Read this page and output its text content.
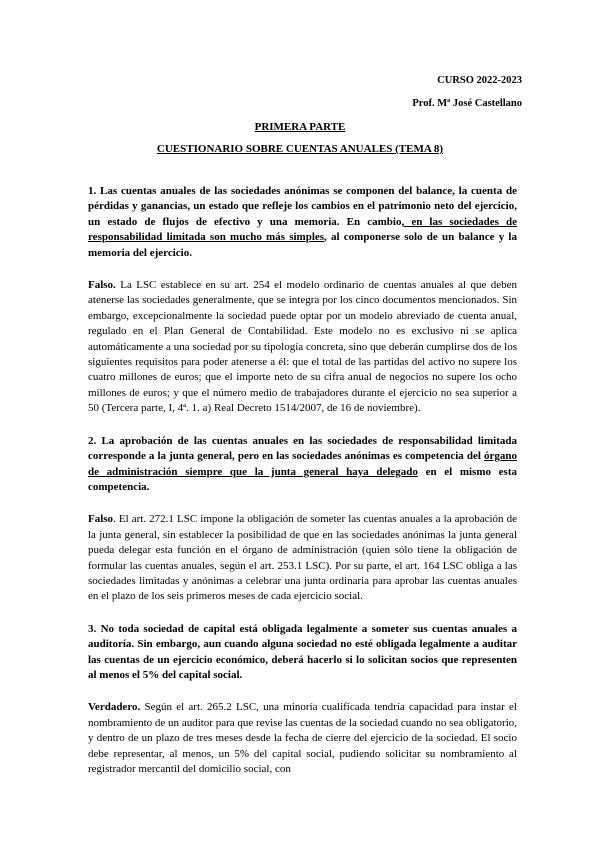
CURSO 2022-2023
Prof. Mª José Castellano
PRIMERA PARTE
CUESTIONARIO SOBRE CUENTAS ANUALES (TEMA 8)

1. Las cuentas anuales de las sociedades anónimas se componen del balance, la cuenta de pérdidas y ganancias, un estado que refleje los cambios en el patrimonio neto del ejercicio, un estado de flujos de efectivo y una memoria. En cambio, en las sociedades de responsabilidad limitada son mucho más simples, al componerse solo de un balance y la memoria del ejercicio.

Falso. La LSC establece en su art. 254 el modelo ordinario de cuentas anuales al que deben atenerse las sociedades generalmente, que se integra por los cinco documentos mencionados. Sin embargo, excepcionalmente la sociedad puede optar por un modelo abreviado de cuenta anual, regulado en el Plan General de Contabilidad. Este modelo no es exclusivo ni se aplica automáticamente a una sociedad por su tipología concreta, sino que deberán cumplirse dos de los siguientes requisitos para poder atenerse a él: que el total de las partidas del activo no supere los cuatro millones de euros; que el importe neto de su cifra anual de negocios no supere los ocho millones de euros; y que el número medio de trabajadores durante el ejercicio no sea superior a 50 (Tercera parte, I, 4ª. 1. a) Real Decreto 1514/2007, de 16 de noviembre).

2. La aprobación de las cuentas anuales en las sociedades de responsabilidad limitada corresponde a la junta general, pero en las sociedades anónimas es competencia del órgano de administración siempre que la junta general haya delegado en el mismo esta competencia.

Falso. El art. 272.1 LSC impone la obligación de someter las cuentas anuales a la aprobación de la junta general, sin establecer la posibilidad de que en las sociedades anónimas la junta general pueda delegar esta función en el órgano de administración (quien sólo tiene la obligación de formular las cuentas anuales, según el art. 253.1 LSC). Por su parte, el art. 164 LSC obliga a las sociedades limitadas y anónimas a celebrar una junta ordinaria para aprobar las cuentas anuales en el plazo de los seis primeros meses de cada ejercicio social.

3. No toda sociedad de capital está obligada legalmente a someter sus cuentas anuales a auditoría. Sin embargo, aun cuando alguna sociedad no esté obligada legalmente a auditar las cuentas de un ejercicio económico, deberá hacerlo si lo solicitan socios que representen al menos el 5% del capital social.

Verdadero. Según el art. 265.2 LSC, una minoría cualificada tendría capacidad para instar el nombramiento de un auditor para que revise las cuentas de la sociedad cuando no sea obligatorio, y dentro de un plazo de tres meses desde la fecha de cierre del ejercicio de la sociedad. El socio debe representar, al menos, un 5% del capital social, pudiendo solicitar su nombramiento al registrador mercantil del domicilio social, con
